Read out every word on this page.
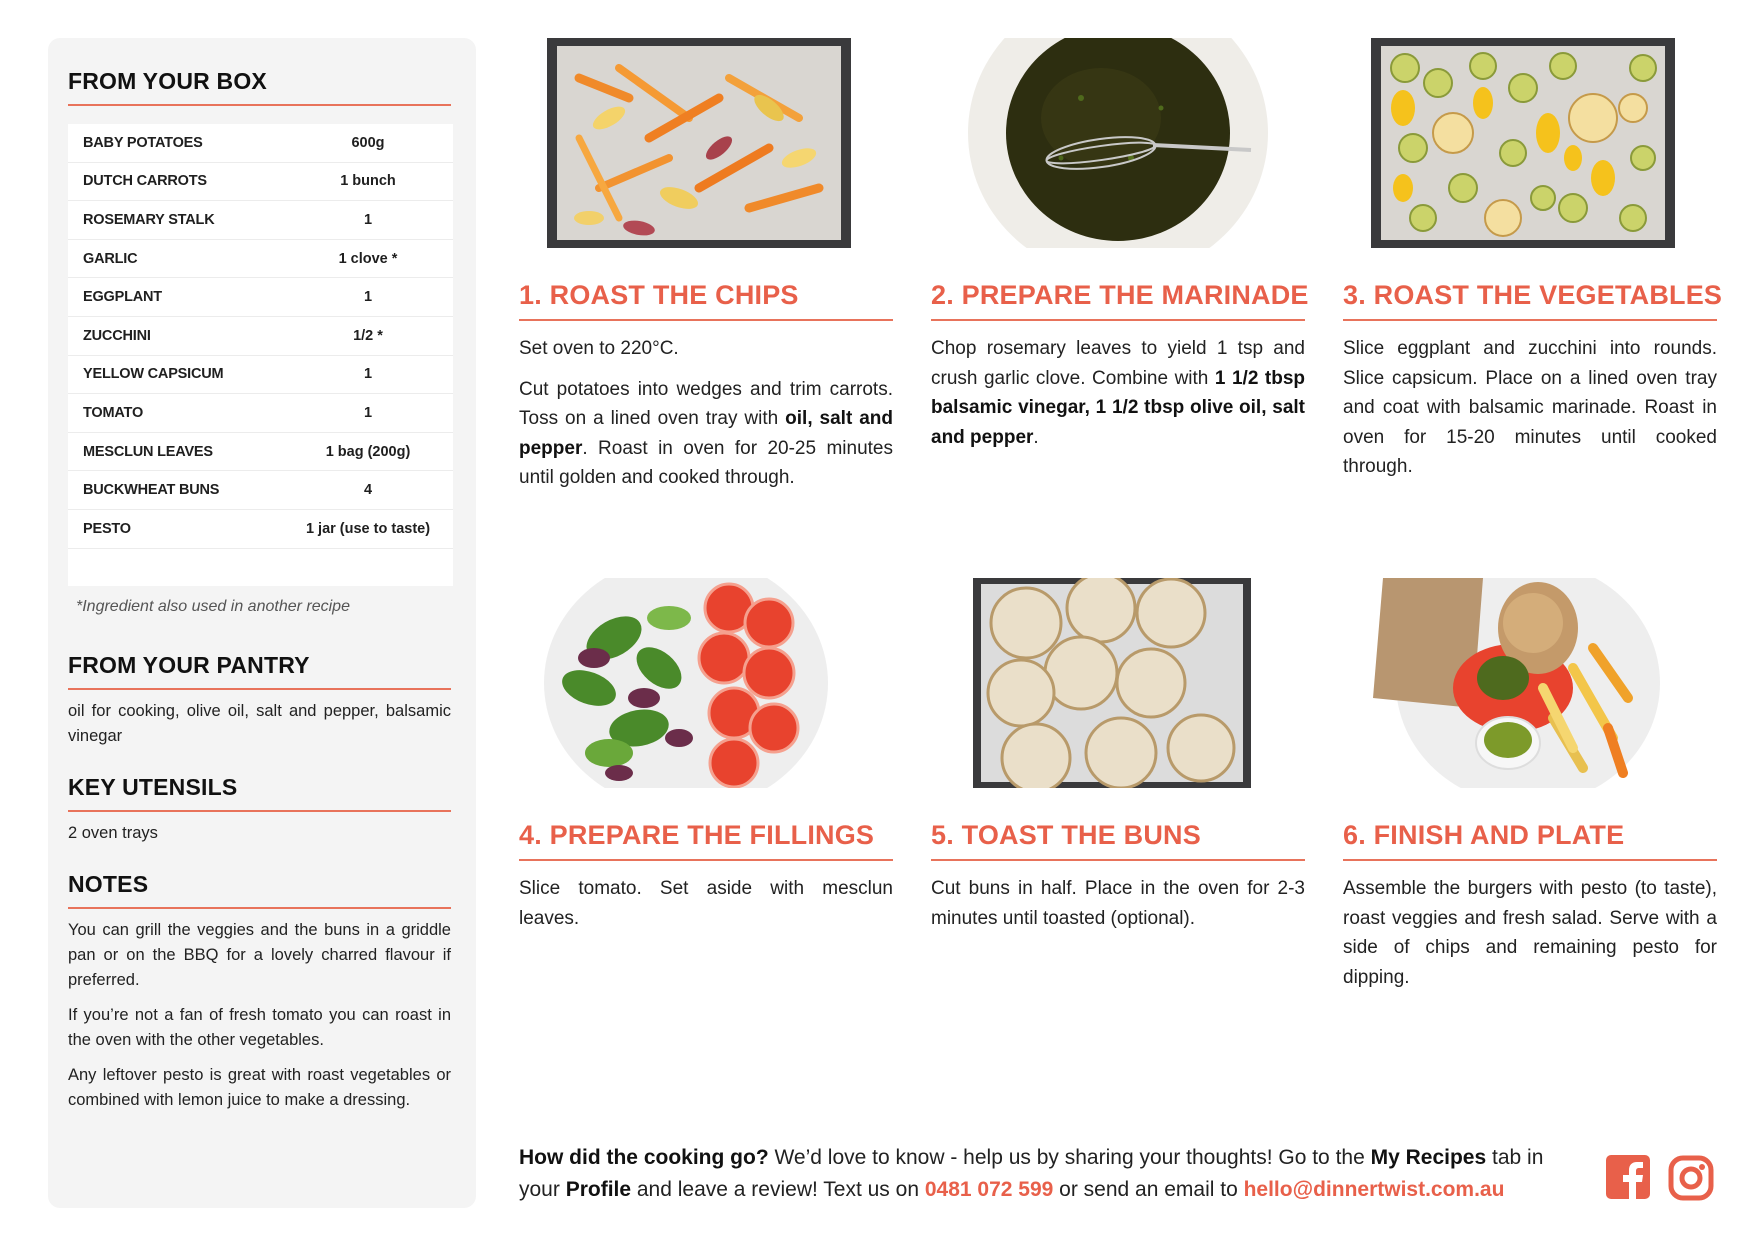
FROM YOUR BOX
BABY POTATOES	600g
DUTCH CARROTS	1 bunch
ROSEMARY STALK	1
GARLIC	1 clove *
EGGPLANT	1
ZUCCHINI	1/2 *
YELLOW CAPSICUM	1
TOMATO	1
MESCLUN LEAVES	1 bag (200g)
BUCKWHEAT BUNS	4
PESTO	1 jar (use to taste)
*Ingredient also used in another recipe
FROM YOUR PANTRY
oil for cooking, olive oil, salt and pepper, balsamic vinegar
KEY UTENSILS
2 oven trays
NOTES

You can grill the veggies and the buns in a griddle pan or on the BBQ for a lovely charred flavour if preferred.

If you’re not a fan of fresh tomato you can roast in the oven with the other vegetables.

Any leftover pesto is great with roast vegetables or combined with lemon juice to make a dressing.

1. ROAST THE CHIPS

Set oven to 220°C.

Cut potatoes into wedges and trim carrots. Toss on a lined oven tray with oil, salt and pepper. Roast in oven for 20-25 minutes until golden and cooked through.

2. PREPARE THE MARINADE

Chop rosemary leaves to yield 1 tsp and crush garlic clove. Combine with 1 1/2 tbsp balsamic vinegar, 1 1/2 tbsp olive oil, salt and pepper.

3. ROAST THE VEGETABLES

Slice eggplant and zucchini into rounds. Slice capsicum. Place on a lined oven tray and coat with balsamic marinade. Roast in oven for 15-20 minutes until cooked through.

4. PREPARE THE FILLINGS

Slice tomato. Set aside with mesclun leaves.

5. TOAST THE BUNS

Cut buns in half. Place in the oven for 2-3 minutes until toasted (optional).

6. FINISH AND PLATE

Assemble the burgers with pesto (to taste), roast veggies and fresh salad. Serve with a side of chips and remaining pesto for dipping.

How did the cooking go? We’d love to know - help us by sharing your thoughts! Go to the My Recipes tab in your Profile and leave a review! Text us on 0481 072 599 or send an email to hello@dinnertwist.com.au
